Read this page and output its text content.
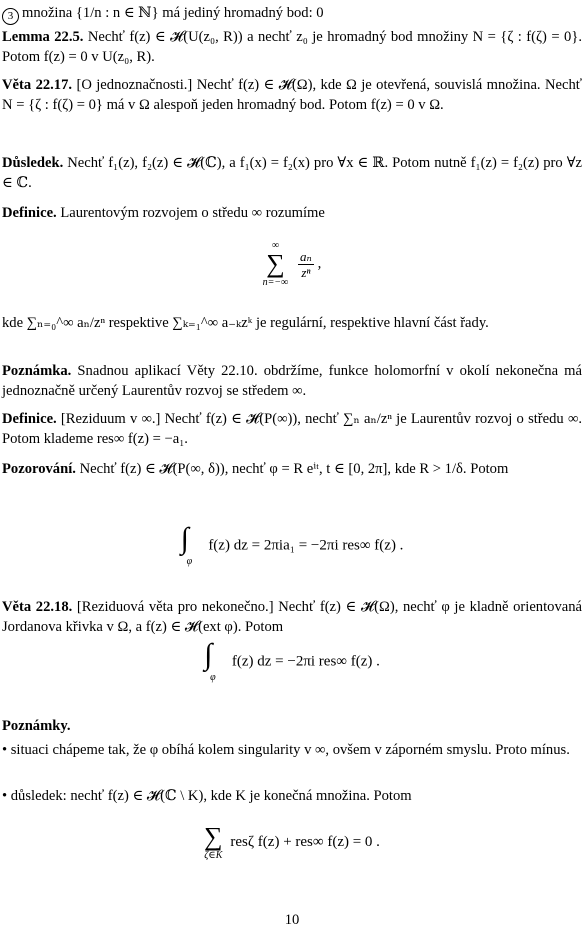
3 množina {1/n : n ∈ ℕ} má jediný hromadný bod: 0
Lemma 22.5. Nechť f(z) ∈ 𝓗(U(z₀, R)) a nechť z₀ je hromadný bod množiny N = {ζ : f(ζ) = 0}. Potom f(z) = 0 v U(z₀, R).
Věta 22.17. [O jednoznačnosti.] Nechť f(z) ∈ 𝓗(Ω), kde Ω je otevřená, souvislá množina. Nechť N = {ζ : f(ζ) = 0} má v Ω alespoň jeden hromadný bod. Potom f(z) = 0 v Ω.
Důsledek. Nechť f₁(z), f₂(z) ∈ 𝓗(ℂ), a f₁(x) = f₂(x) pro ∀x ∈ ℝ. Potom nutně f₁(z) = f₂(z) pro ∀z ∈ ℂ.
Definice. Laurentovým rozvojem o středu ∞ rozumíme
∞
∑
n=−∞

$\frac{\text{aₙ}}{\text{zⁿ}}$ ,
kde ∑ₙ₌₀^∞ aₙ/zⁿ respektive ∑ₖ₌₁^∞ a₋ₖzᵏ je regulární, respektive hlavní část řady.
Poznámka. Snadnou aplikací Věty 22.10. obdržíme, funkce holomorfní v okolí nekonečna má jednoznačně určený Laurentův rozvoj se středem ∞.
Definice. [Reziduum v ∞.] Nechť f(z) ∈ 𝓗(P(∞)), nechť ∑ₙ aₙ/zⁿ je Laurentův rozvoj o středu ∞. Potom klademe res∞ f(z) = −a₁.
Pozorování. Nechť f(z) ∈ 𝓗(P(∞, δ)), nechť φ = R eⁱᵗ, t ∈ [0, 2π], kde R > 1/δ. Potom
∫
φ
f(z) dz = 2πia₁ = −2πi res∞ f(z) .
Věta 22.18. [Reziduová věta pro nekonečno.] Nechť f(z) ∈ 𝓗(Ω), nechť φ je kladně orientovaná Jordanova křivka v Ω, a f(z) ∈ 𝓗(ext φ). Potom
∫
φ
f(z) dz = −2πi res∞ f(z) .
Poznámky.
• situaci chápeme tak, že φ obíhá kolem singularity v ∞, ovšem v záporném smyslu. Proto mínus.
• důsledek: nechť f(z) ∈ 𝓗(ℂ \ K), kde K je konečná množina. Potom
∑
ζ∈K
resζ f(z) + res∞ f(z) = 0 .
10
